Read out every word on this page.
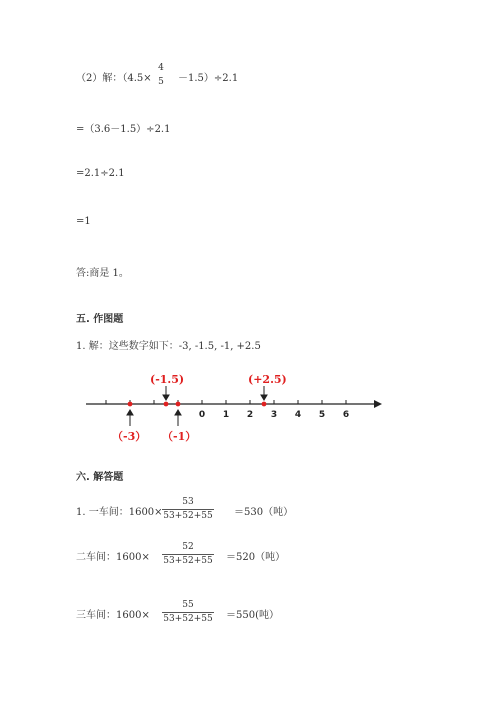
（2）解：（4.5×
4
5	－1.5）÷2.1
=（3.6－1.5）÷2.1
=2.1÷2.1
=1
答:商是 1。
五. 作图题
1. 解：这些数字如下：-3, -1.5, -1, +2.5
0 1 2 3 4 5 6
(-1.5)	(+2.5)
（-3） （-1）
六. 解答题
1. 一车间：1600×
53
53+52+55 ＝530（吨）
二车间：1600×
52
53+52+55 ＝520（吨）
三车间：1600×
55
53+52+55 ＝550(吨）
